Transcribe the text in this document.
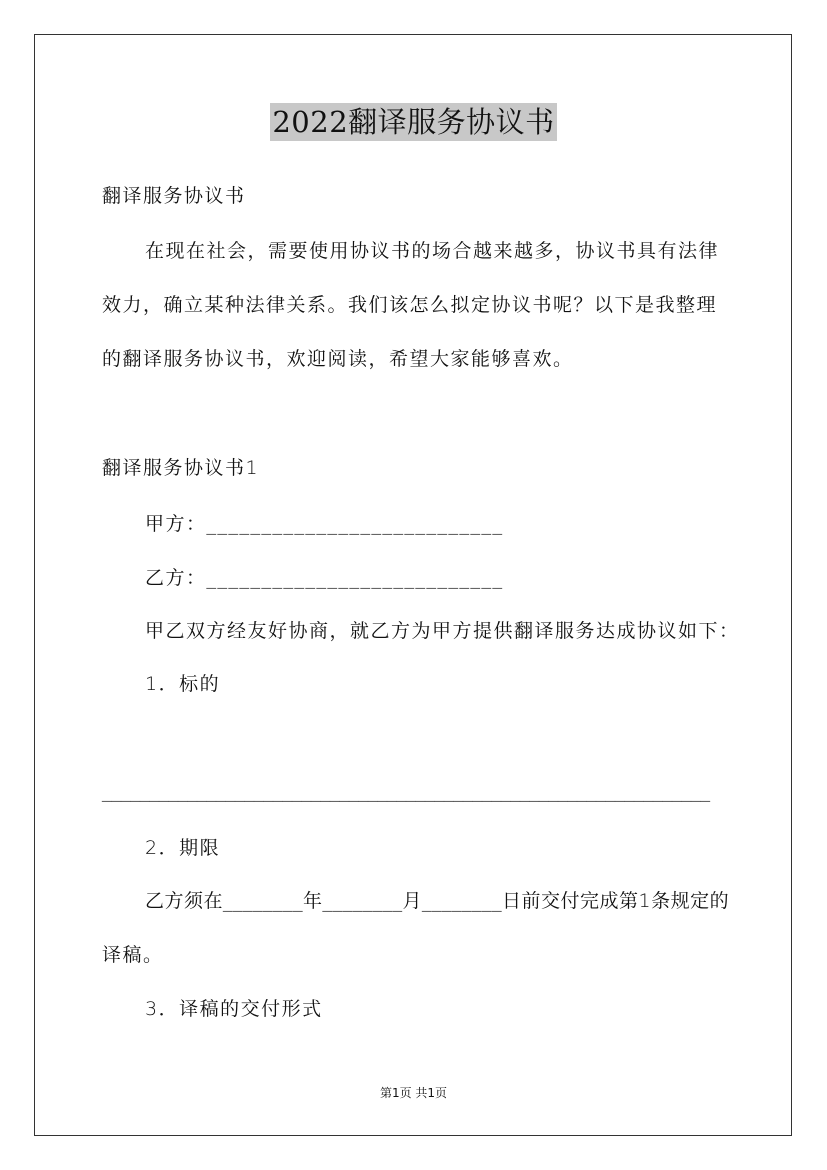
2022翻译服务协议书
翻译服务协议书
在现在社会，需要使用协议书的场合越来越多，协议书具有法律
效力，确立某种法律关系。我们该怎么拟定协议书呢？以下是我整理
的翻译服务协议书，欢迎阅读，希望大家能够喜欢。
翻译服务协议书1
甲方：___________________________
乙方：___________________________
甲乙双方经友好协商，就乙方为甲方提供翻译服务达成协议如下：
1．标的
________________________________________________________________
2．期限
乙方须在________年________月________日前交付完成第1条规定的
译稿。
3．译稿的交付形式
第1页 共1页
